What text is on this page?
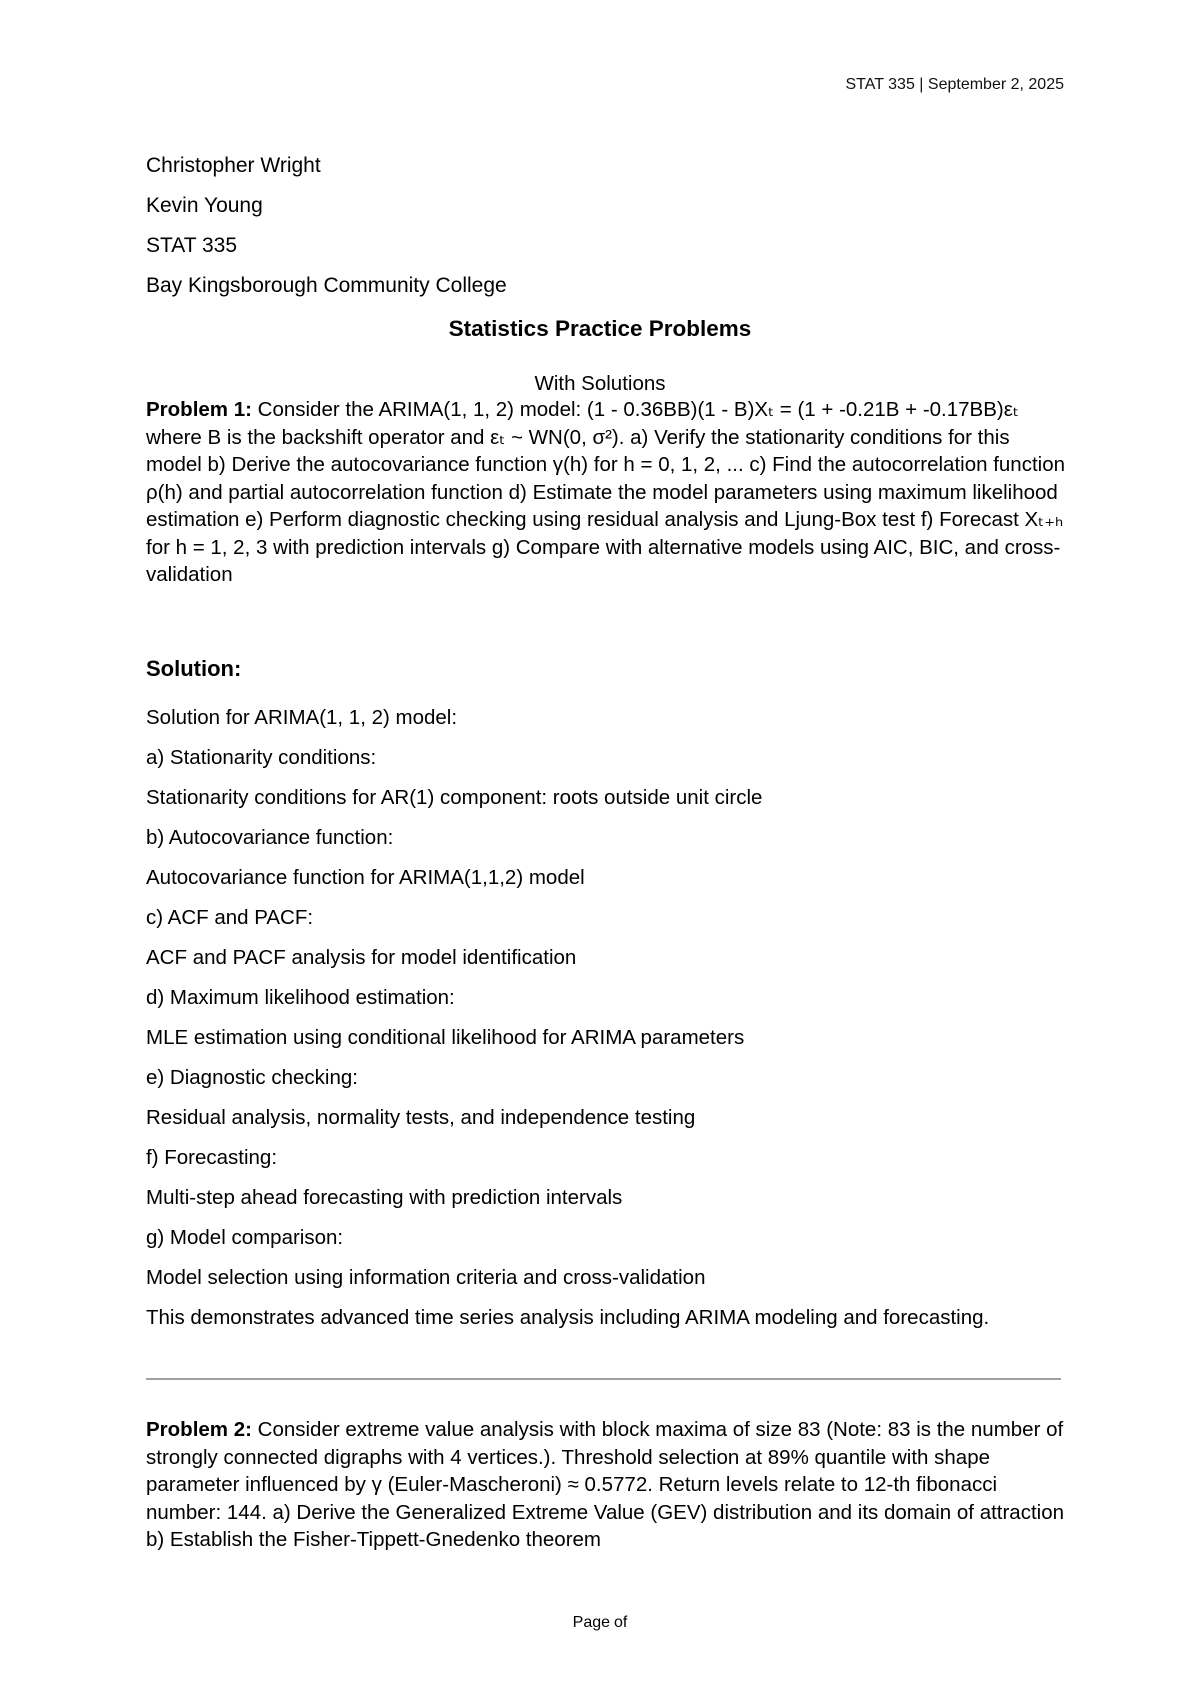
STAT 335 | September 2, 2025
Christopher Wright
Kevin Young
STAT 335
Bay Kingsborough Community College
Statistics Practice Problems
With Solutions
Problem 1: Consider the ARIMA(1, 1, 2) model: (1 - 0.36BB)(1 - B)Xₜ = (1 + -0.21B + -0.17BB)εₜ where B is the backshift operator and εₜ ~ WN(0, σ²). a) Verify the stationarity conditions for this model b) Derive the autocovariance function γ(h) for h = 0, 1, 2, ... c) Find the autocorrelation function ρ(h) and partial autocorrelation function d) Estimate the model parameters using maximum likelihood estimation e) Perform diagnostic checking using residual analysis and Ljung-Box test f) Forecast Xₜ₊ₕ for h = 1, 2, 3 with prediction intervals g) Compare with alternative models using AIC, BIC, and cross-validation
Solution:
Solution for ARIMA(1, 1, 2) model:
a) Stationarity conditions:
Stationarity conditions for AR(1) component: roots outside unit circle
b) Autocovariance function:
Autocovariance function for ARIMA(1,1,2) model
c) ACF and PACF:
ACF and PACF analysis for model identification
d) Maximum likelihood estimation:
MLE estimation using conditional likelihood for ARIMA parameters
e) Diagnostic checking:
Residual analysis, normality tests, and independence testing
f) Forecasting:
Multi-step ahead forecasting with prediction intervals
g) Model comparison:
Model selection using information criteria and cross-validation
This demonstrates advanced time series analysis including ARIMA modeling and forecasting.
Problem 2: Consider extreme value analysis with block maxima of size 83 (Note: 83 is the number of strongly connected digraphs with 4 vertices.). Threshold selection at 89% quantile with shape parameter influenced by γ (Euler-Mascheroni) ≈ 0.5772. Return levels relate to 12-th fibonacci number: 144. a) Derive the Generalized Extreme Value (GEV) distribution and its domain of attraction b) Establish the Fisher-Tippett-Gnedenko theorem
Page of
